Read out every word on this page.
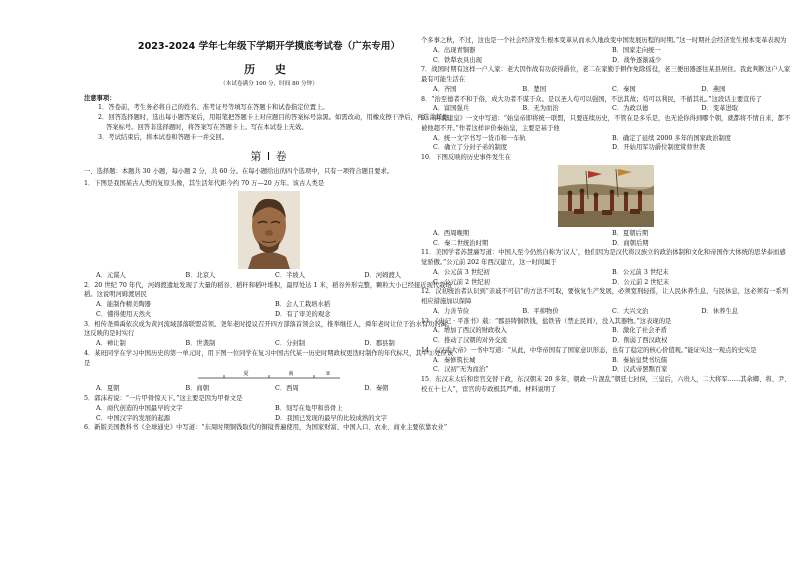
2023-2024 学年七年级下学期开学摸底考试卷（广东专用）
历 史
（本试卷满分 100 分，时间 80 分钟）
注意事项：
1．答卷前，考生务必将自己的姓名、准考证号等填写在答题卡和试卷指定位置上。
2．回答选择题时，选出每小题答案后，用铅笔把答题卡上对应题目的答案标号涂黑。如需改动，用橡皮擦干净后，再选涂其他答案标号。回答非选择题时，将答案写在答题卡上。写在本试卷上无效。
3．考试结束后，将本试卷和答题卡一并交回。
第 I 卷
一、选择题：本题共 30 小题，每小题 2 分，共 60 分。在每小题给出的四个选项中，只有一项符合题目要求。
1．下图是我国某古人类的复原头像，其生活年代距今约 70 万—20 万年。该古人类是
A．元谋人	B．北京人	C．半坡人	D．河姆渡人
2．20 世纪 70 年代，河姆渡遗址发现了大量的稻谷、稻秆和稻叶堆积，最厚处达 1 米，稻谷外形完整，颗粒大小已经接近现代栽培稻。这说明河姆渡居民
A．能制作精美陶器	B．会人工栽培水稻
C．懂得使用天然火	D．有了审美的观念
3．相传尧舜禹依次成为黄河流域部落联盟首领。尧年老时提议召开四方部落首领会议，推举继任人，舜年老时让位于治水有功的禹。这反映的是时实行
A．禅让制	B．世袭制	C．分封制	D．郡县制
4．某班同学在学习中国历史的第一单元时，用下图一位同学在复习中国古代某一历史时期政权更迭时制作的年代标尺，其中②处应该是
夏	商	②
A．夏朝	B．商朝	C．西周	D．秦朝
5．郭沫若说：“一片甲骨惊天下。”这主要是因为甲骨文是
A．商代创造的中国最早的文字	B．刻写在龟甲和兽骨上
C．中国汉字的发展的起源	D．我国已发现的最早的比较成熟的文字
6．新版美国教科书《全球通史》中写道：“东周时期铜钱取代的铜镜普遍使用，为国家财富、中国人口、农业、商业主要依靠农业”
个多事之秋，不过，这也是一个社会经济发生根本变革从而永久地改变中国发展历程的时期。”这一时期社会经济发生根本变革表现为
A．出现青铜器	B．国家走向统一
C．铁犁农具出现	D．战争逐渐减少
7．战国时期有这样一户人家：老大因作战有功获得爵位，老二在家勤于耕作免除徭役，老三便田器逐往某县居住。我此判断这户人家最有可能生活在
A．齐国	B．楚国	C．秦国	D．燕国
8．“治至德者不和于俗，成大功者不谋于众。是以圣人苟可以强国，不法其故；苟可以利民，不循其礼。”这段话主要宣传了
A．富国强兵	B．无为而治	C．为政以德	D．变革进取
9．《再说建皇》一文中写道：“始皇帝即将统一联盟，只要连续历史，不管在是多乐是，也无论你得到哪个朝，就都将不情自来，都不被他超不开。”作者这样评价秦始皇，主要是基于他
A．统一文字书写一货币和一车轨	B．确定了延续 2000 多年的国家政治制度
C．确立了分封子弟的制度	D．开始用军功爵位制度赏替世袭
10．下图反映的历史事件发生在
A．西周晚期	B．夏朝后期
C．秦二世统治时期	D．商朝后期
11．美国学者苏慧廉写道：中国人至今仍然自称为‘汉人’，他们因为是汉代将汉族立的政治体制和文化和帝国作大体统的思华泰而感觉骄傲。”公元前 202 年西汉建立，这一时间属于
A．公元前 3 世纪初	B．公元前 3 世纪末
C．公元前 2 世纪初	D．公元前 2 世纪末
12．汉初统治者认识到“亲戚不可信”的方法不可取，要恢复生产发展，必须宽刑轻徭，让人民休养生息，与民休息，这必须有一系列相应措施加以保障
A．力善节俭	B．平抑物价	C．大兴文治	D．休养生息
13．《史记 · 平准书》载：“郡县铸铜铁钱，盐铁皆（禁止民间），没入其器物。”这表现的是
A．增加了西汉的财政收入	B．激化了社会矛盾
C．推动了汉朝的对外交流	D．削弱了西汉政权
14．《汉武大帝》一书中写道：“从此，中华帝国有了国家意识形态，也有了稳定的核心价值观。”能证实这一观点的史实是
A．秦修筑长城	B．秦始皇焚书坑儒
C．汉初“无为而治”	D．汉武帝罢黜百家
15．东汉末太后和宦官交替干政，东汉朝末 20 多年，朝政一片混乱“朝廷七封侯，三皇后，六贵人，二大将军……其余卿、将、尹、校五十七人”，宦官的专政极其严重。材料说明了
